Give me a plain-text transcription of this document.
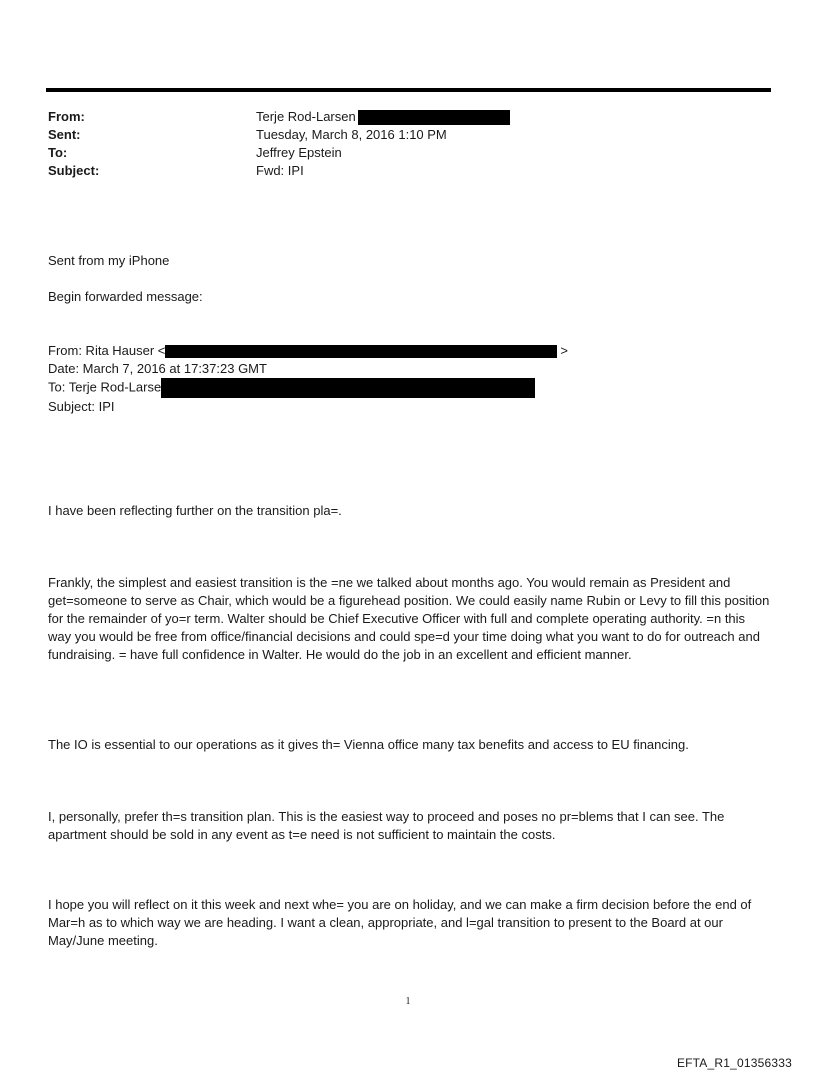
From:	Terje Rod-Larsen
Sent:	Tuesday, March 8, 2016 1:10 PM
To:	Jeffrey Epstein
Subject:	Fwd: IPI
Sent from my iPhone
Begin forwarded message:
From: Rita Hauser <	>
Date: March 7, 2016 at 17:37:23 GMT
To: Terje Rod-Larse
Subject: IPI
I have been reflecting further on the transition pla=.
Frankly, the simplest and easiest transition is the =ne we talked about months ago. You would remain as President and get=someone to serve as Chair, which would be a figurehead position. We could easily name Rubin or Levy to fill this position for the remainder of yo=r term. Walter should be Chief Executive Officer with full and complete operating authority. =n this way you would be free from office/financial decisions and could spe=d your time doing what you want to do for outreach and fundraising. = have full confidence in Walter. He would do the job in an excellent and efficient manner.
The IO is essential to our operations as it gives th= Vienna office many tax benefits and access to EU financing.
I, personally, prefer th=s transition plan. This is the easiest way to proceed and poses no pr=blems that I can see. The apartment should be sold in any event as t=e need is not sufficient to maintain the costs.
I hope you will reflect on it this week and next whe= you are on holiday, and we can make a firm decision before the end of Mar=h as to which way we are heading. I want a clean, appropriate, and l=gal transition to present to the Board at our May/June meeting.
1
EFTA_R1_01356333
